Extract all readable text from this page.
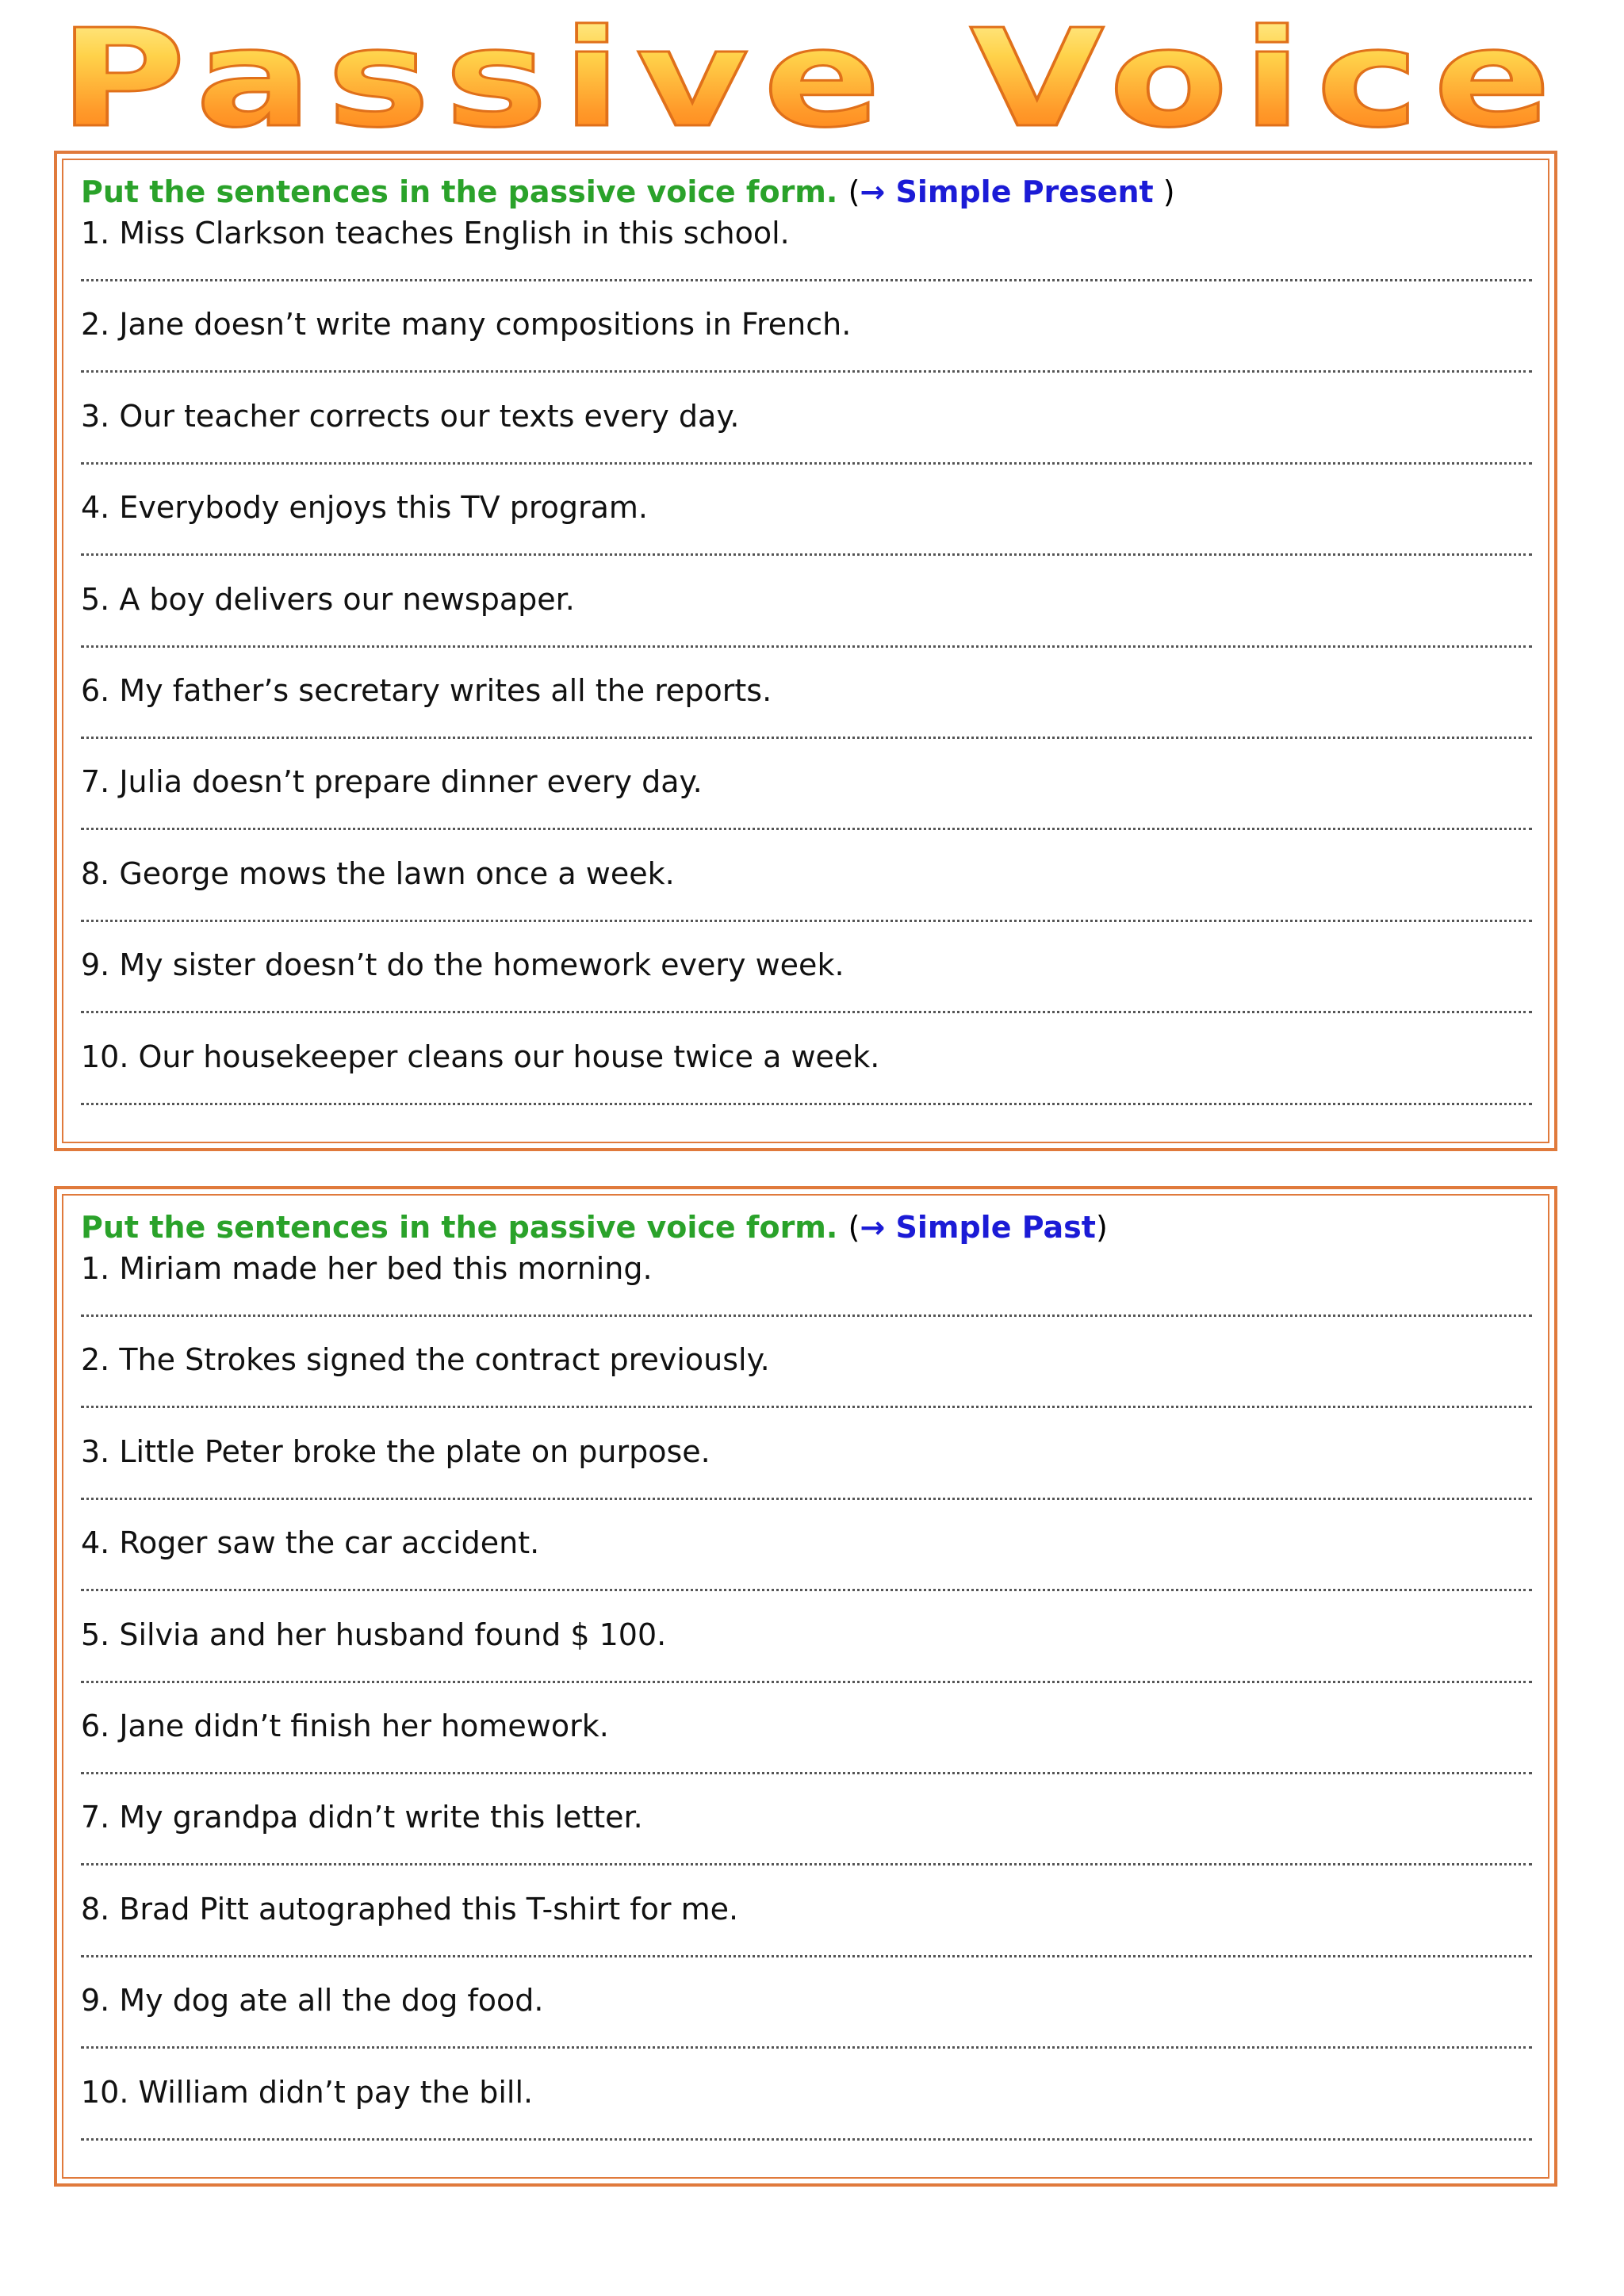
Passive Voice
Put the sentences in the passive voice form. (→ Simple Present )
1. Miss Clarkson teaches English in this school.
2. Jane doesn’t write many compositions in French.
3. Our teacher corrects our texts every day.
4. Everybody enjoys this TV program.
5. A boy delivers our newspaper.
6. My father’s secretary writes all the reports.
7. Julia doesn’t prepare dinner every day.
8. George mows the lawn once a week.
9. My sister doesn’t do the homework every week.
10. Our housekeeper cleans our house twice a week.
Put the sentences in the passive voice form. (→ Simple Past)
1. Miriam made her bed this morning.
2. The Strokes signed the contract previously.
3. Little Peter broke the plate on purpose.
4. Roger saw the car accident.
5. Silvia and her husband found $ 100.
6. Jane didn’t finish her homework.
7. My grandpa didn’t write this letter.
8. Brad Pitt autographed this T-shirt for me.
9. My dog ate all the dog food.
10. William didn’t pay the bill.
